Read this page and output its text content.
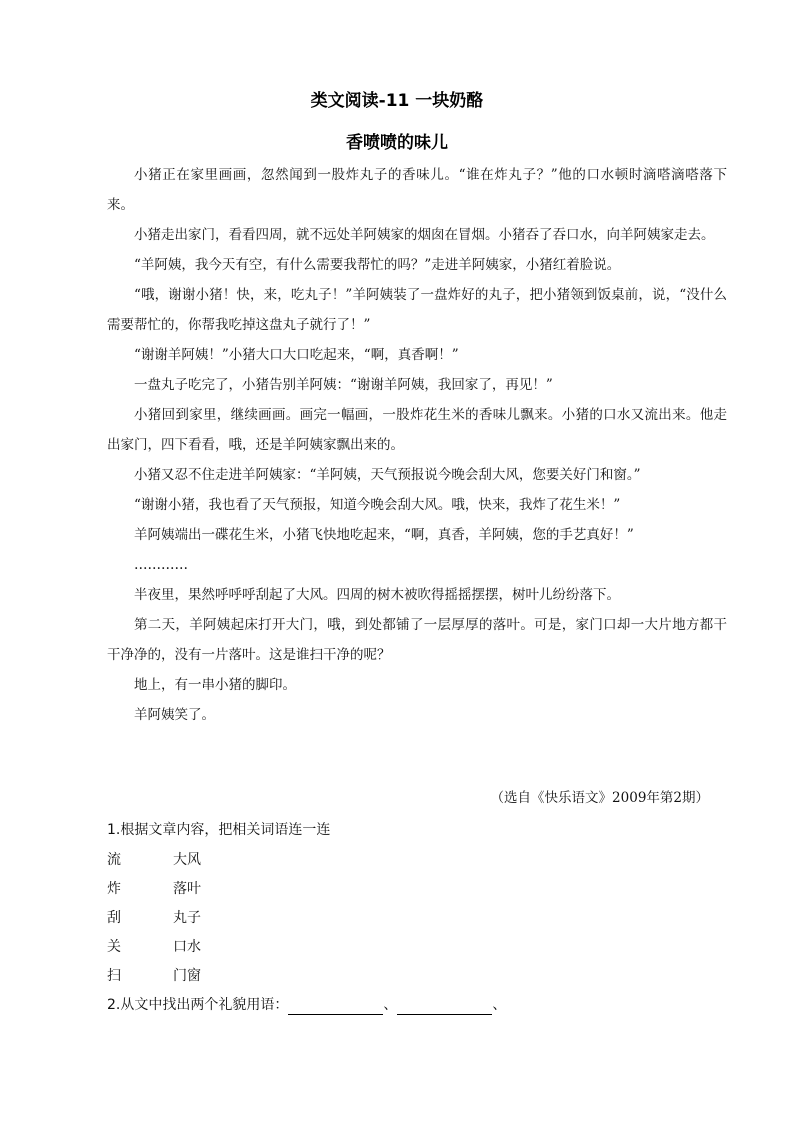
类文阅读-11 一块奶酪
香喷喷的味儿

小猪正在家里画画，忽然闻到一股炸丸子的香味儿。“谁在炸丸子？”他的口水顿时滴嗒滴嗒落下来。

小猪走出家门，看看四周，就不远处羊阿姨家的烟囱在冒烟。小猪吞了吞口水，向羊阿姨家走去。

“羊阿姨，我今天有空，有什么需要我帮忙的吗？”走进羊阿姨家，小猪红着脸说。

“哦，谢谢小猪！快，来，吃丸子！”羊阿姨装了一盘炸好的丸子，把小猪领到饭桌前，说，“没什么需要帮忙的，你帮我吃掉这盘丸子就行了！”

“谢谢羊阿姨！”小猪大口大口吃起来，“啊，真香啊！”

一盘丸子吃完了，小猪告别羊阿姨：“谢谢羊阿姨，我回家了，再见！”

小猪回到家里，继续画画。画完一幅画，一股炸花生米的香味儿飘来。小猪的口水又流出来。他走出家门，四下看看，哦，还是羊阿姨家飘出来的。

小猪又忍不住走进羊阿姨家：“羊阿姨，天气预报说今晚会刮大风，您要关好门和窗。”

“谢谢小猪，我也看了天气预报，知道今晚会刮大风。哦，快来，我炸了花生米！”

羊阿姨端出一碟花生米，小猪飞快地吃起来，“啊，真香，羊阿姨，您的手艺真好！”

…………

半夜里，果然呼呼呼刮起了大风。四周的树木被吹得摇摇摆摆，树叶儿纷纷落下。

第二天，羊阿姨起床打开大门，哦，到处都铺了一层厚厚的落叶。可是，家门口却一大片地方都干干净净的，没有一片落叶。这是谁扫干净的呢？

地上，有一串小猪的脚印。

羊阿姨笑了。

（选自《快乐语文》2009年第2期）
1.根据文章内容，把相关词语连一连
流	大风
炸	落叶
刮	丸子
关	口水
扫	门窗
2.从文中找出两个礼貌用语：	、	、
